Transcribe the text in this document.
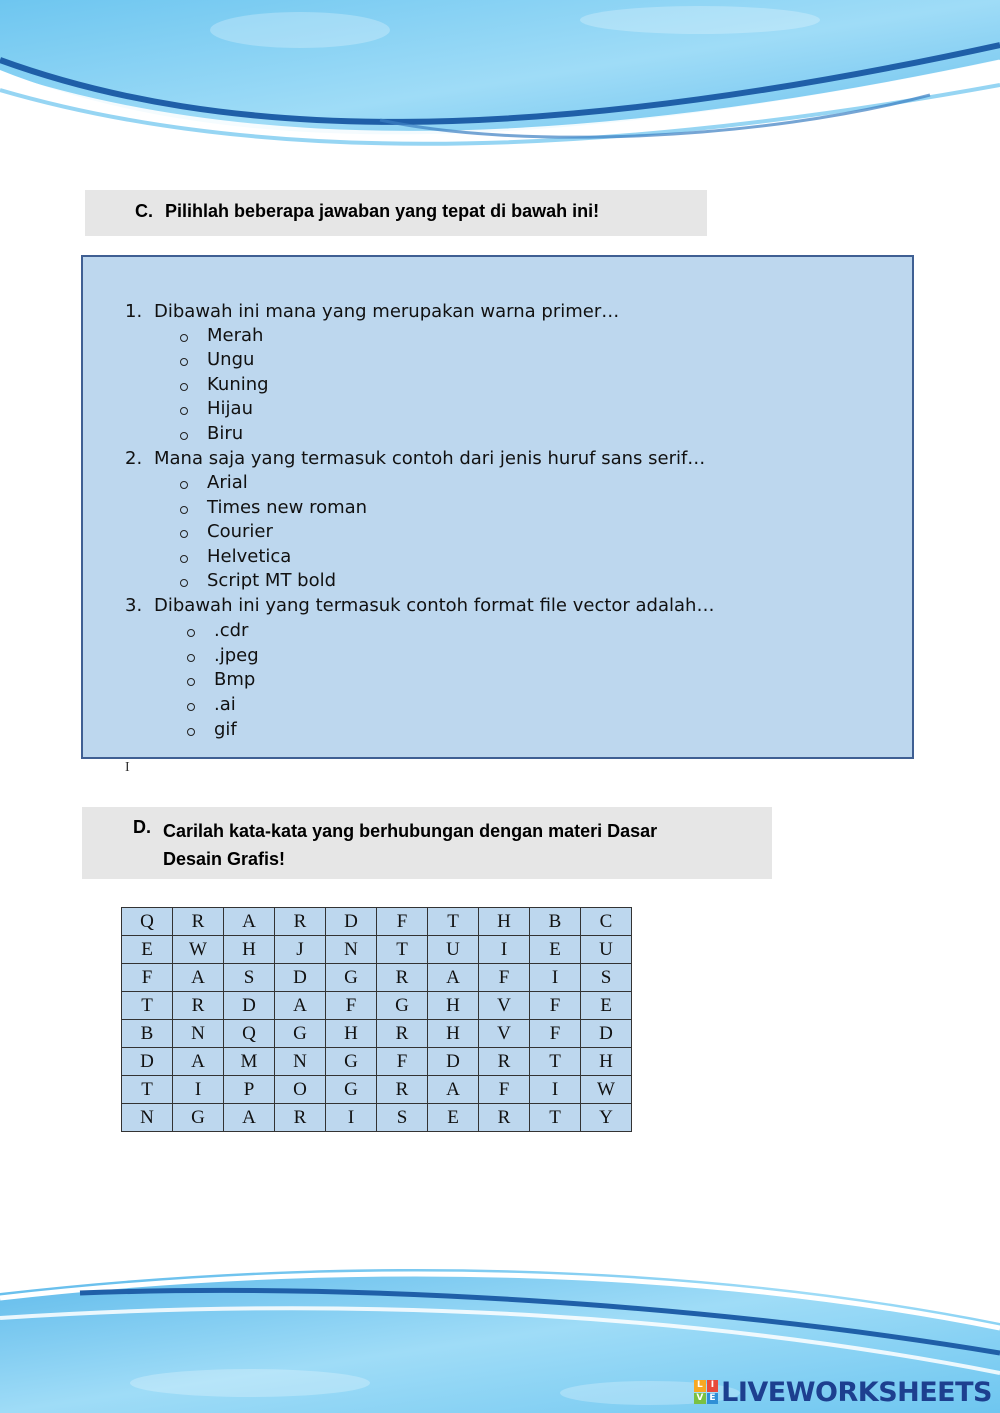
C. Pilihlah beberapa jawaban yang tepat di bawah ini!
1. Dibawah ini mana yang merupakan warna primer…
Merah
Ungu
Kuning
Hijau
Biru
2. Mana saja yang termasuk contoh dari jenis huruf sans serif…
Arial
Times new roman
Courier
Helvetica
Script MT bold
3. Dibawah ini yang termasuk contoh format file vector adalah…
.cdr
.jpeg
Bmp
.ai
gif
I
D. Carilah kata-kata yang berhubungan dengan materi Dasar
Desain Grafis!
Q	R	A	R	D	F	T	H	B	C
E	W	H	J	N	T	U	I	E	U
F	A	S	D	G	R	A	F	I	S
T	R	D	A	F	G	H	V	F	E
B	N	Q	G	H	R	H	V	F	D
D	A	M	N	G	F	D	R	T	H
T	I	P	O	G	R	A	F	I	W
N	G	A	R	I	S	E	R	T	Y
L I
V E LIVEWORKSHEETS
